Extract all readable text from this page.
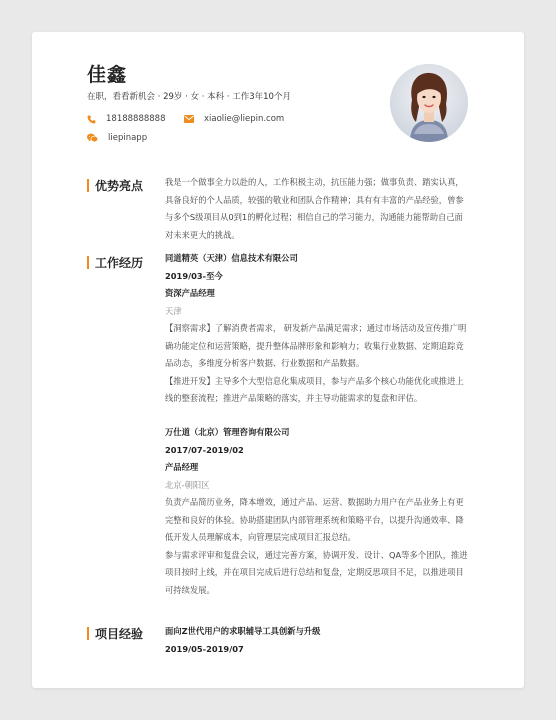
佳鑫
在职，看看新机会 · 29岁 · 女 · 本科 · 工作3年10个月
18188888888	xiaolie@liepin.com
liepinapp
优势亮点	我是一个做事全力以赴的人，工作积极主动，抗压能力强；做事负责、踏实认真，具备良好的个人品质，较强的敬业和团队合作精神；具有有丰富的产品经验，曾参与多个S级项目从0到1的孵化过程；相信自己的学习能力，沟通能力能帮助自己面对未来更大的挑战。

工作经历	同道精英（天津）信息技术有限公司

2019/03-至今

资深产品经理

天津

【洞察需求】了解消费者需求， 研发新产品满足需求；通过市场活动及宣传推广明确功能定位和运营策略，提升整体品牌形象和影响力；收集行业数据、定期追踪竞品动态，多维度分析客户数据、行业数据和产品数据。

【推进开发】主导多个大型信息化集成项目，参与产品多个核心功能优化或推进上线的整套流程；推进产品策略的落实，并主导功能需求的复盘和评估。

万仕道（北京）管理咨询有限公司

2017/07-2019/02

产品经理

北京-朝阳区

负责产品简历业务，降本增效，通过产品、运营、数据助力用户在产品业务上有更完整和良好的体验。协助搭建团队内部管理系统和策略平台，以提升沟通效率、降低开发人员理解成本，向管理层完成项目汇报总结。

参与需求评审和复盘会议，通过完善方案，协调开发、设计、QA等多个团队，推进项目按时上线，并在项目完成后进行总结和复盘，定期反思项目不足，以推进项目可持续发展。

项目经验	面向Z世代用户的求职辅导工具创新与升级

2019/05-2019/07
